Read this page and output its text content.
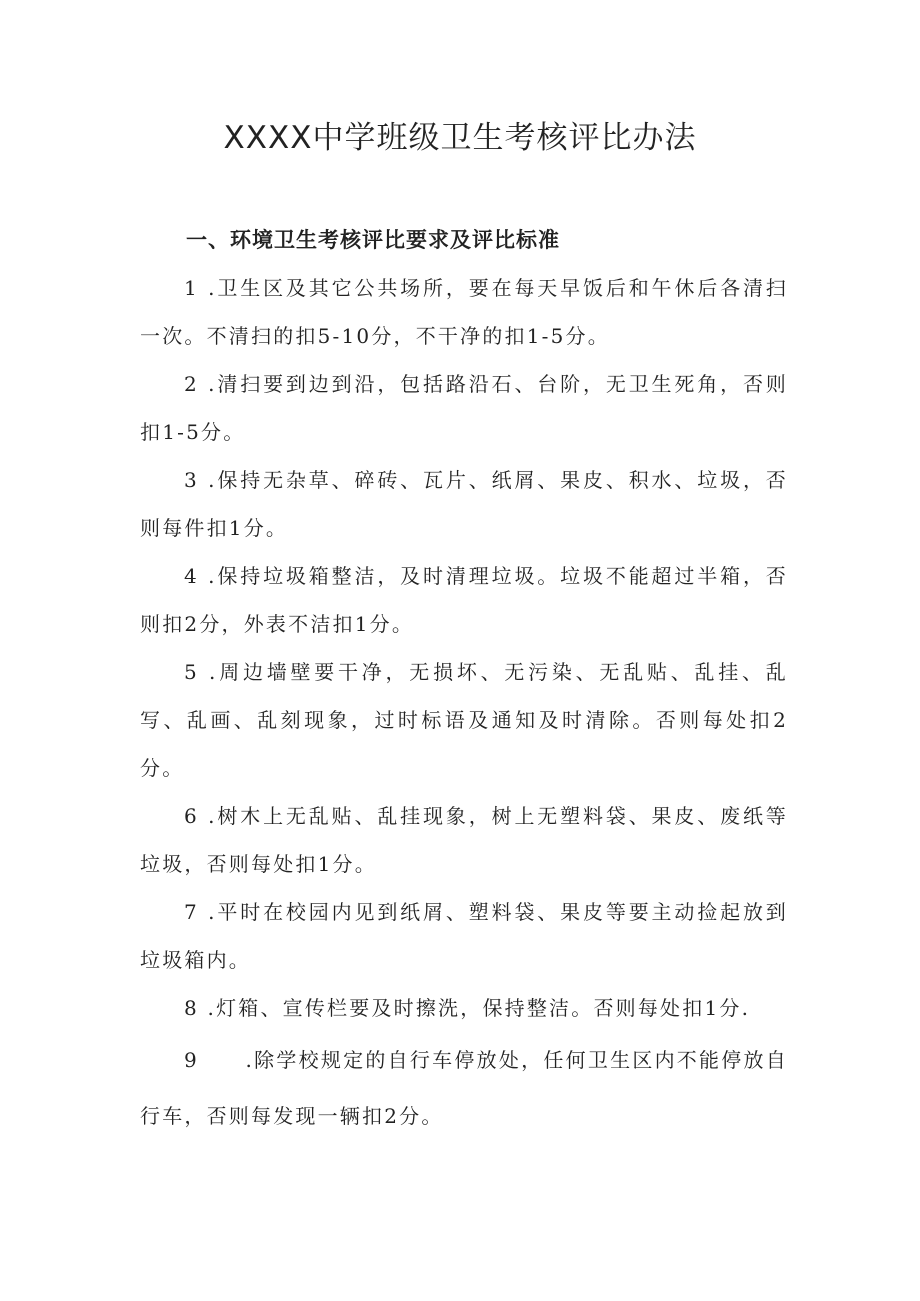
XXXX中学班级卫生考核评比办法
一、环境卫生考核评比要求及评比标准

1 .卫生区及其它公共场所，要在每天早饭后和午休后各清扫一次。不清扫的扣5-10分，不干净的扣1-5分。

2 .清扫要到边到沿，包括路沿石、台阶，无卫生死角，否则扣1-5分。

3 .保持无杂草、碎砖、瓦片、纸屑、果皮、积水、垃圾，否则每件扣1分。

4 .保持垃圾箱整洁，及时清理垃圾。垃圾不能超过半箱，否则扣2分，外表不洁扣1分。

5 .周边墙壁要干净，无损坏、无污染、无乱贴、乱挂、乱写、乱画、乱刻现象，过时标语及通知及时清除。否则每处扣2分。

6 .树木上无乱贴、乱挂现象，树上无塑料袋、果皮、废纸等垃圾，否则每处扣1分。

7 .平时在校园内见到纸屑、塑料袋、果皮等要主动捡起放到垃圾箱内。

8 .灯箱、宣传栏要及时擦洗，保持整洁。否则每处扣1分.

9 .除学校规定的自行车停放处，任何卫生区内不能停放自行车，否则每发现一辆扣2分。
